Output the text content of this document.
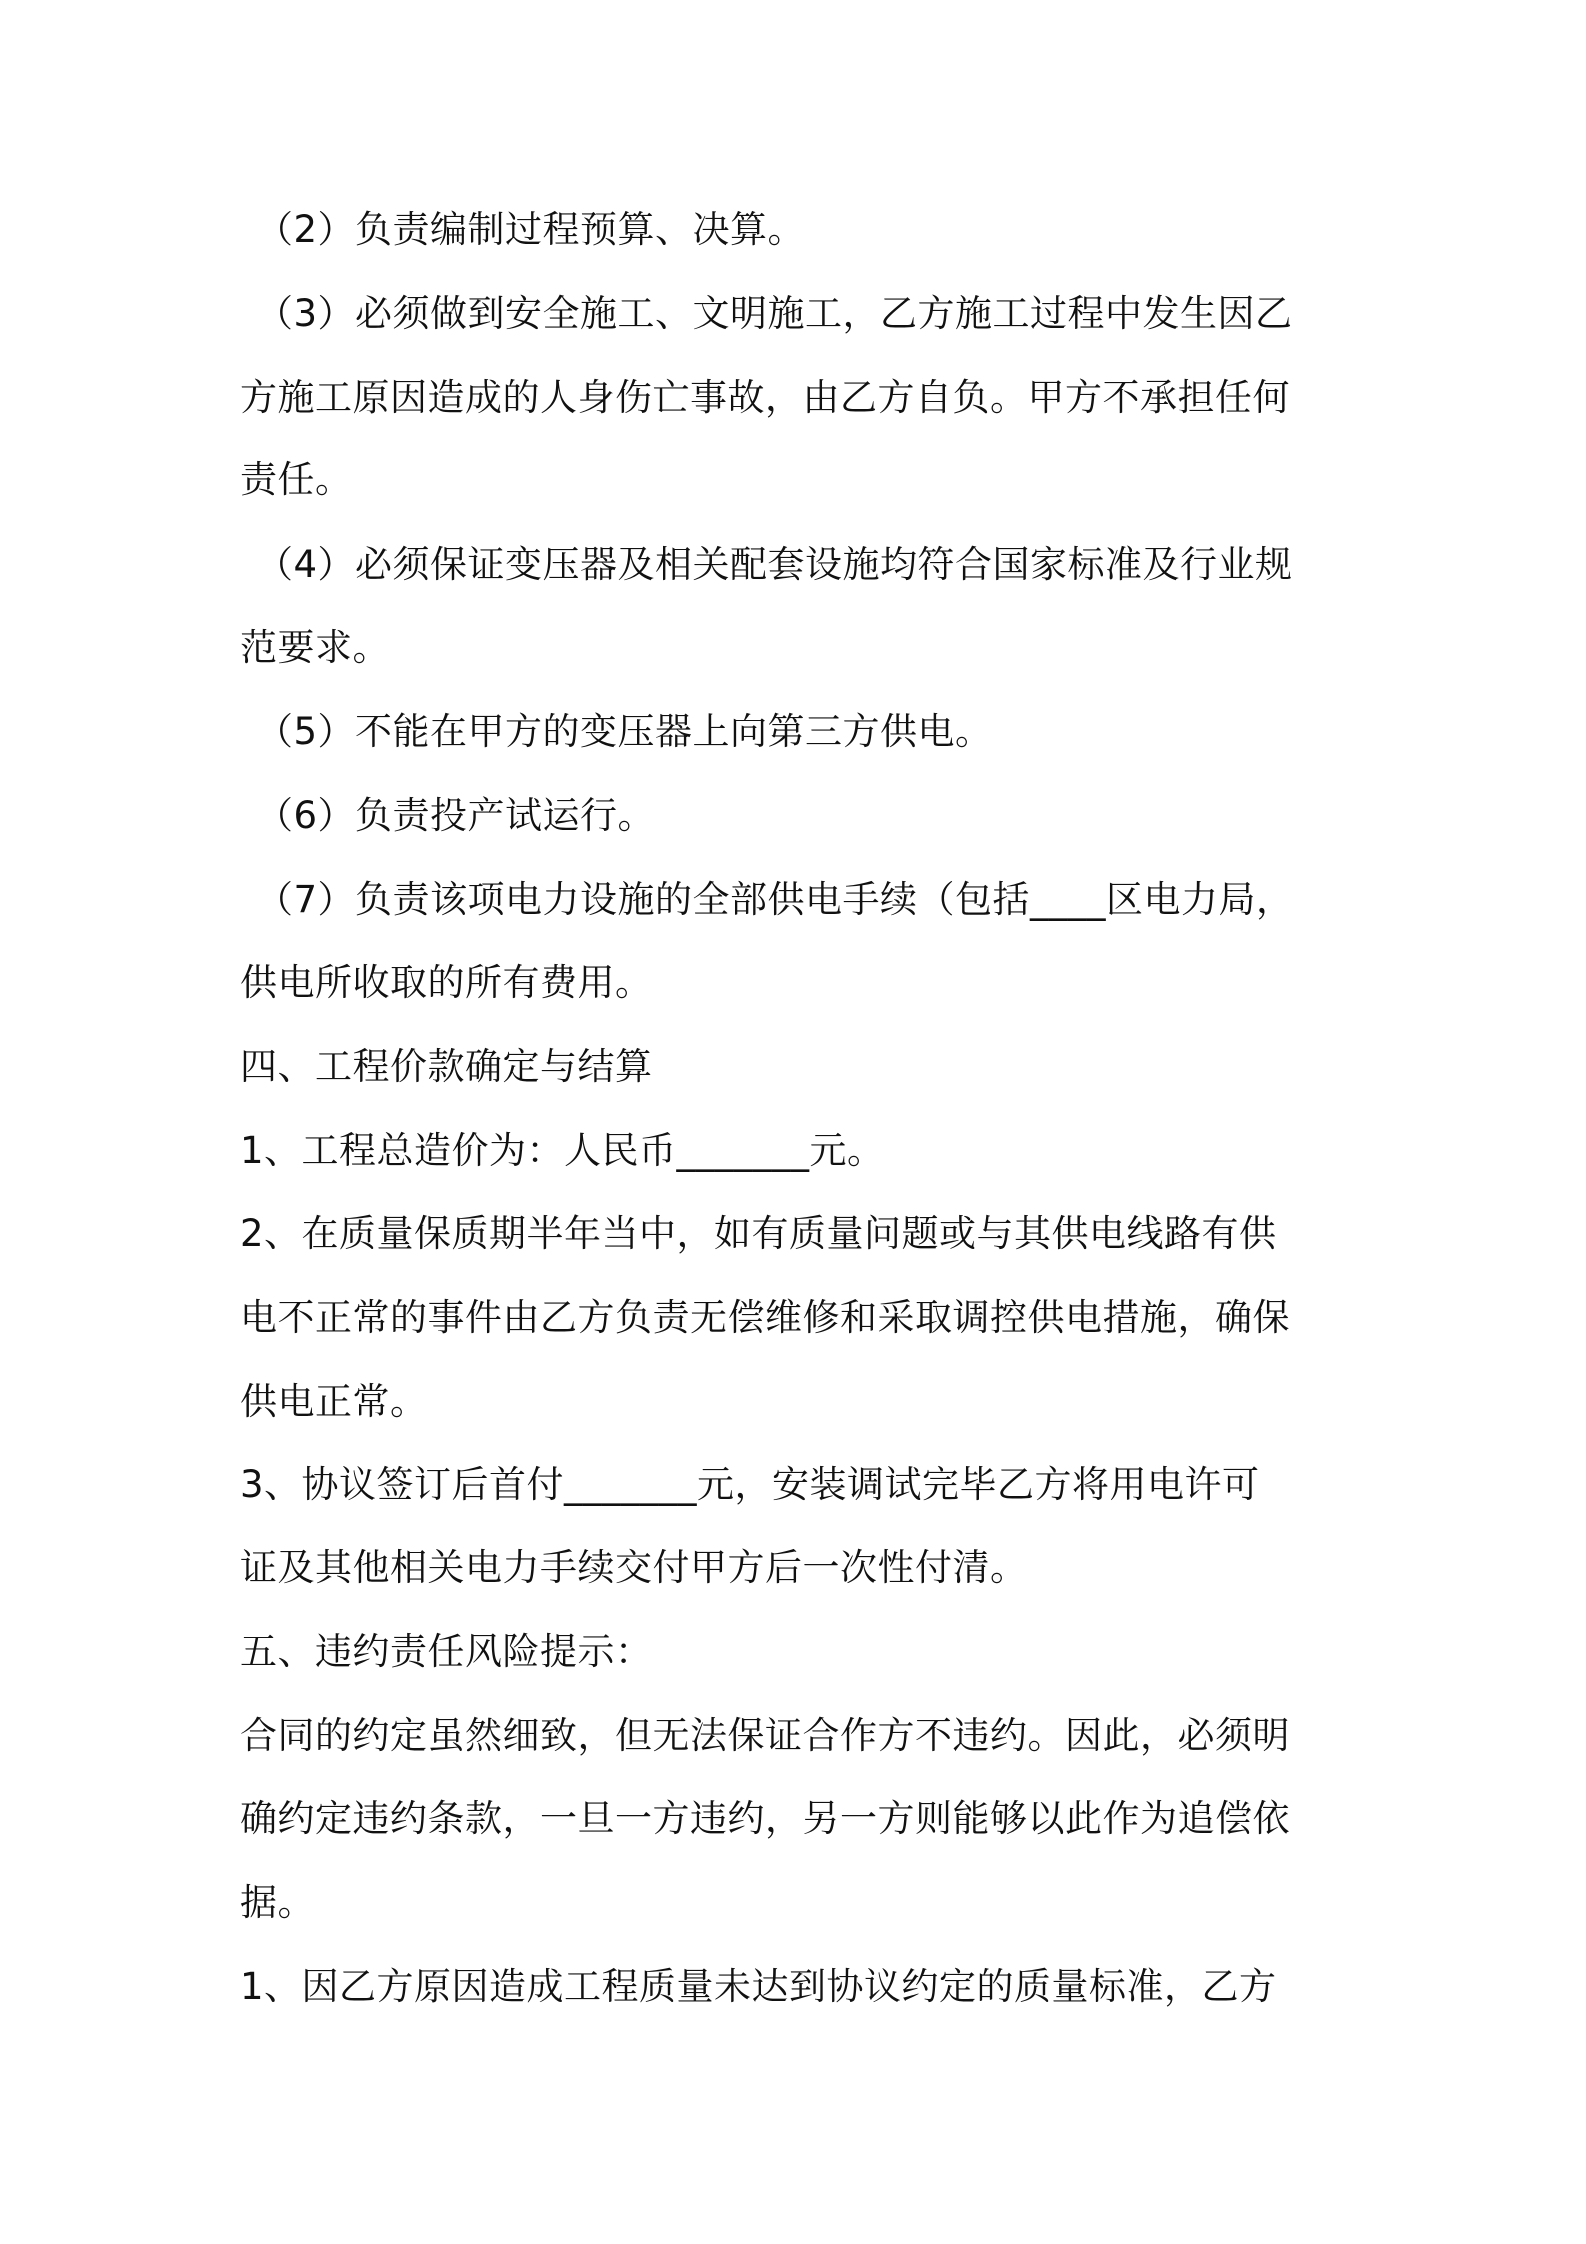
（2）负责编制过程预算、决算。
（3）必须做到安全施工、文明施工，乙方施工过程中发生因乙
方施工原因造成的人身伤亡事故，由乙方自负。甲方不承担任何
责任。
（4）必须保证变压器及相关配套设施均符合国家标准及行业规
范要求。
（5）不能在甲方的变压器上向第三方供电。
（6）负责投产试运行。
（7）负责该项电力设施的全部供电手续（包括____区电力局，
供电所收取的所有费用。
四、工程价款确定与结算
1、工程总造价为：人民币_______元。
2、在质量保质期半年当中，如有质量问题或与其供电线路有供
电不正常的事件由乙方负责无偿维修和采取调控供电措施，确保
供电正常。
3、协议签订后首付_______元，安装调试完毕乙方将用电许可
证及其他相关电力手续交付甲方后一次性付清。
五、违约责任风险提示：
合同的约定虽然细致，但无法保证合作方不违约。因此，必须明
确约定违约条款，一旦一方违约，另一方则能够以此作为追偿依
据。
1、因乙方原因造成工程质量未达到协议约定的质量标准，乙方
